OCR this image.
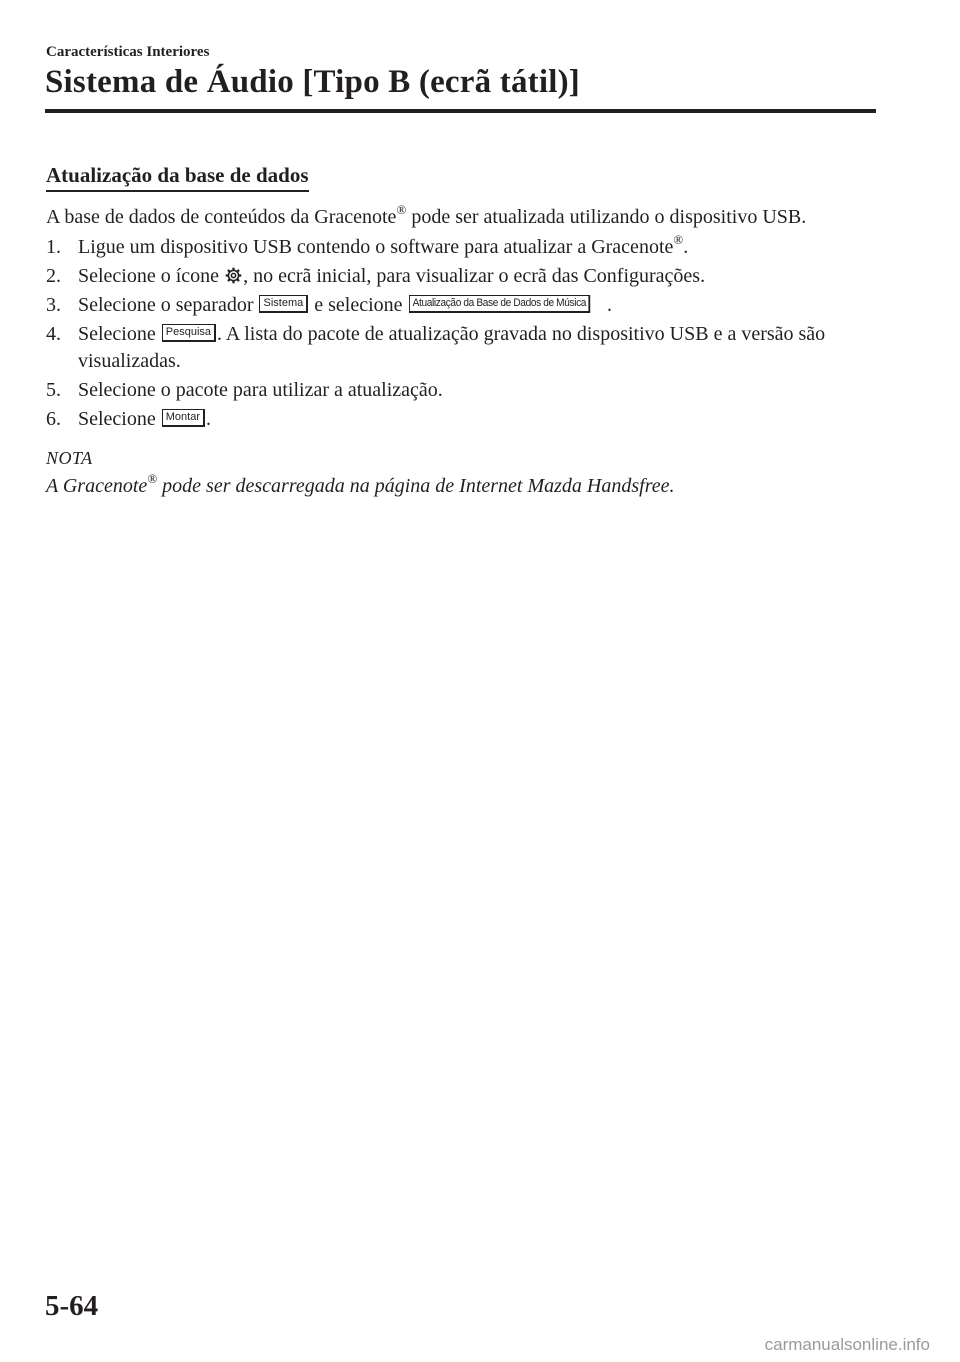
Características Interiores
Sistema de Áudio [Tipo B (ecrã tátil)]
Atualização da base de dados

A base de dados de conteúdos da Gracenote® pode ser atualizada utilizando o dispositivo USB.

1. Ligue um dispositivo USB contendo o software para atualizar a Gracenote®.
2. Selecione o ícone , no ecrã inicial, para visualizar o ecrã das Configurações.
3. Selecione o separador Sistema e selecione Atualização da Base de Dados de Música .
4. Selecione Pesquisa . A lista do pacote de atualização gravada no dispositivo USB e a versão são visualizadas.
5. Selecione o pacote para utilizar a atualização.
6. Selecione Montar .

NOTA

A Gracenote® pode ser descarregada na página de Internet Mazda Handsfree.

5-64
carmanualsonline.info
